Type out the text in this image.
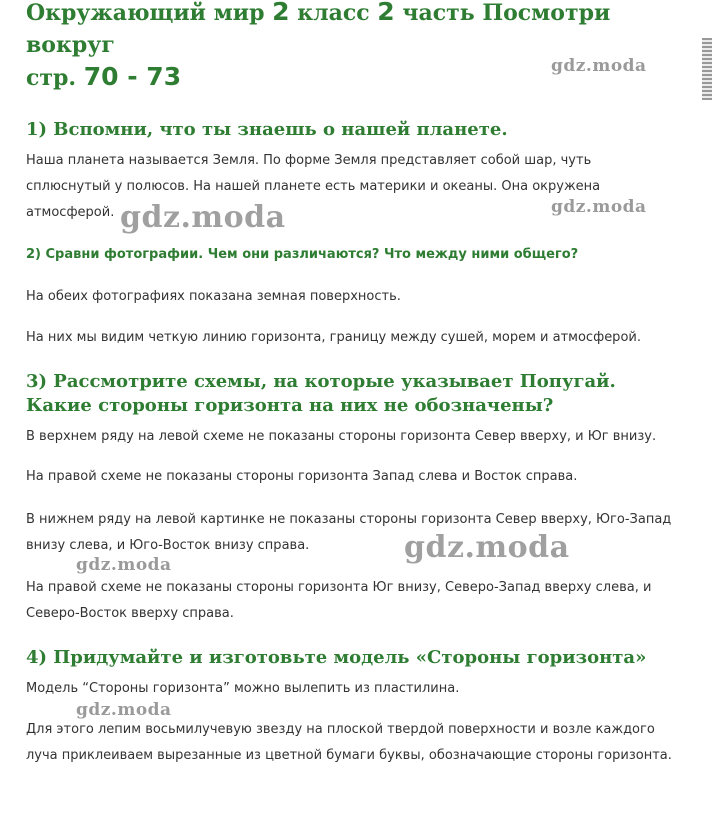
Окружающий мир 2 класс 2 часть Посмотри вокруг
стр. 70 - 73	gdz.moda
1) Вспомни, что ты знаешь о нашей планете.

Наша планета называется Земля. По форме Земля представляет собой шар, чуть сплюснутый у полюсов. На нашей планете есть материки и океаны. Она окружена атмосферой.	gdz.moda
gdz.moda
2) Сравни фотографии. Чем они различаются? Что между ними общего?

На обеих фотографиях показана земная поверхность.

На них мы видим четкую линию горизонта, границу между сушей, морем и атмосферой.

3) Рассмотрите схемы, на которые указывает Попугай. Какие стороны горизонта на них не обозначены?

В верхнем ряду на левой схеме не показаны стороны горизонта Север вверху, и Юг внизу.

На правой схеме не показаны стороны горизонта Запад слева и Восток справа.

В нижнем ряду на левой картинке не показаны стороны горизонта Север вверху, Юго-Запад внизу слева, и Юго-Восток внизу справа.	gdz.moda
gdz.moda

На правой схеме не показаны стороны горизонта Юг внизу, Северо-Запад вверху слева, и Северо-Восток вверху справа.

4) Придумайте и изготовьте модель «Стороны горизонта»

Модель “Стороны горизонта” можно вылепить из пластилина.

gdz.moda

Для этого лепим восьмилучевую звезду на плоской твердой поверхности и возле каждого луча приклеиваем вырезанные из цветной бумаги буквы, обозначающие стороны горизонта.
